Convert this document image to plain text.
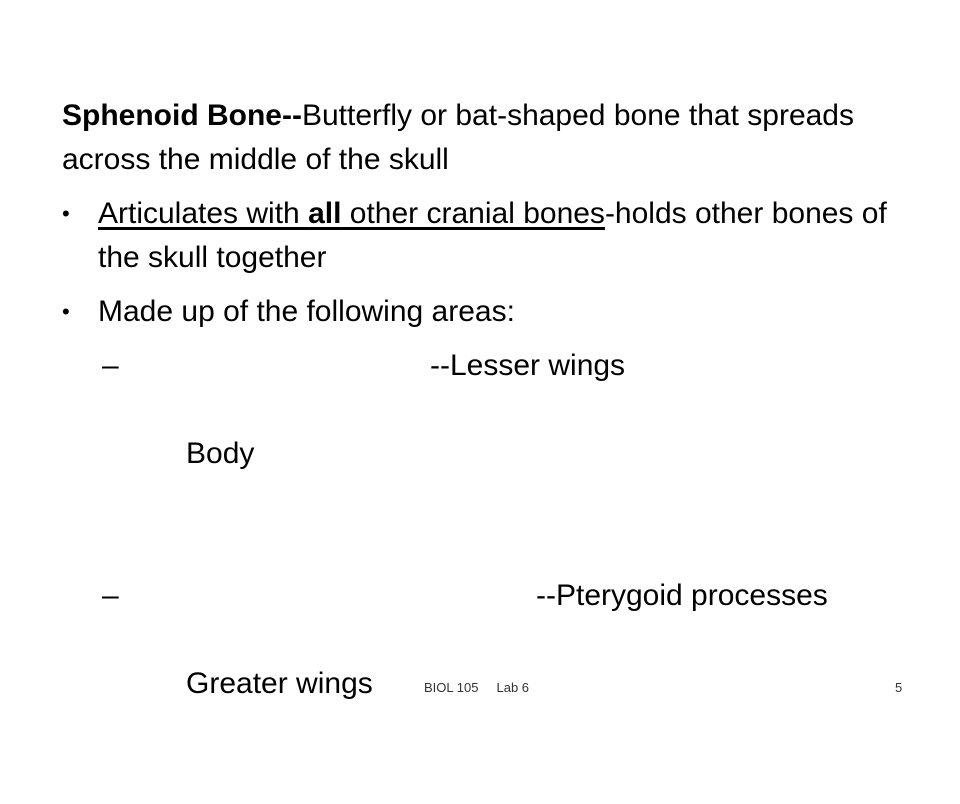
Sphenoid Bone--Butterfly or bat-shaped bone that spreads across the middle of the skull

• Articulates with all other cranial bones-holds other bones of the skull together
• Made up of the following areas:

–

Body

--Lesser wings

–

Greater wings

--Pterygoid processes

BIOL 105     Lab 6	5
